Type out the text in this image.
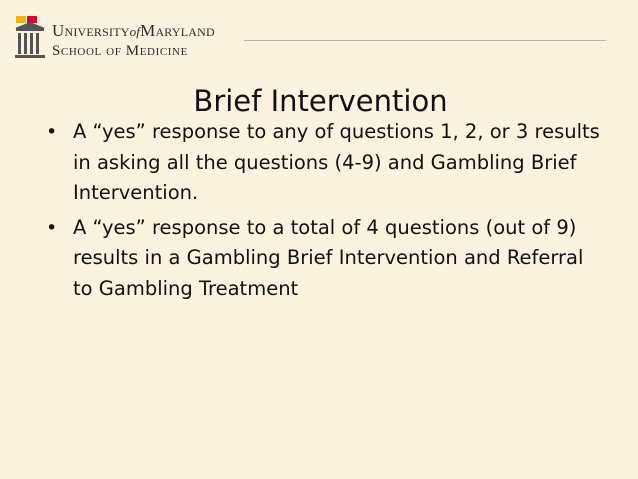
UniversityofMaryland
School of Medicine
Brief Intervention
• A “yes” response to any of questions 1, 2, or 3 results in asking all the questions (4-9) and Gambling Brief Intervention.
• A “yes” response to a total of 4 questions (out of 9) results in a Gambling Brief Intervention and Referral to Gambling Treatment
